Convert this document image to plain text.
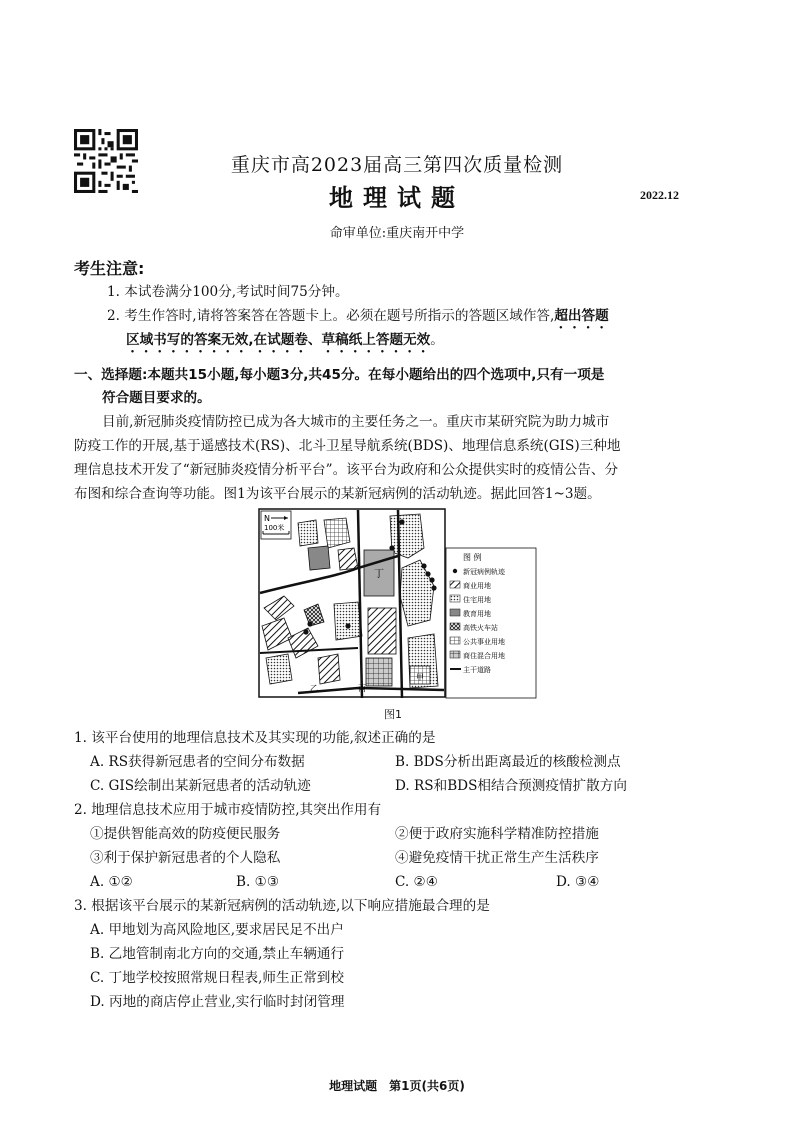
重庆市高2023届高三第四次质量检测
地理试题	2022.12
命审单位:重庆南开中学
考生注意:
1. 本试卷满分100分,考试时间75分钟。
2. 考生作答时,请将答案答在答题卡上。必须在题号所指示的答题区域作答,超出答题
区域书写的答案无效,在试题卷、草稿纸上答题无效。
一、选择题:本题共15小题,每小题3分,共45分。在每小题给出的四个选项中,只有一项是
符合题目要求的。
目前,新冠肺炎疫情防控已成为各大城市的主要任务之一。重庆市某研究院为助力城市
防疫工作的开展,基于遥感技术(RS)、北斗卫星导航系统(BDS)、地理信息系统(GIS)三种地
理信息技术开发了“新冠肺炎疫情分析平台”。该平台为政府和公众提供实时的疫情公告、分
布图和综合查询等功能。图1为该平台展示的某新冠病例的活动轨迹。据此回答1~3题。
N
100米
丁
甲
乙	丙
图 例
新冠病例轨迹
商业用地
住宅用地
教育用地
高铁火车站
公共事业用地
商住混合用地
主干道路
图1
1. 该平台使用的地理信息技术及其实现的功能,叙述正确的是
A. RS获得新冠患者的空间分布数据	B. BDS分析出距离最近的核酸检测点
C. GIS绘制出某新冠患者的活动轨迹	D. RS和BDS相结合预测疫情扩散方向
2. 地理信息技术应用于城市疫情防控,其突出作用有
①提供智能高效的防疫便民服务	②便于政府实施科学精准防控措施
③利于保护新冠患者的个人隐私	④避免疫情干扰正常生产生活秩序
A. ①②	B. ①③	C. ②④	D. ③④
3. 根据该平台展示的某新冠病例的活动轨迹,以下响应措施最合理的是
A. 甲地划为高风险地区,要求居民足不出户
B. 乙地管制南北方向的交通,禁止车辆通行
C. 丁地学校按照常规日程表,师生正常到校
D. 丙地的商店停止营业,实行临时封闭管理
地理试题　第1页(共6页)
